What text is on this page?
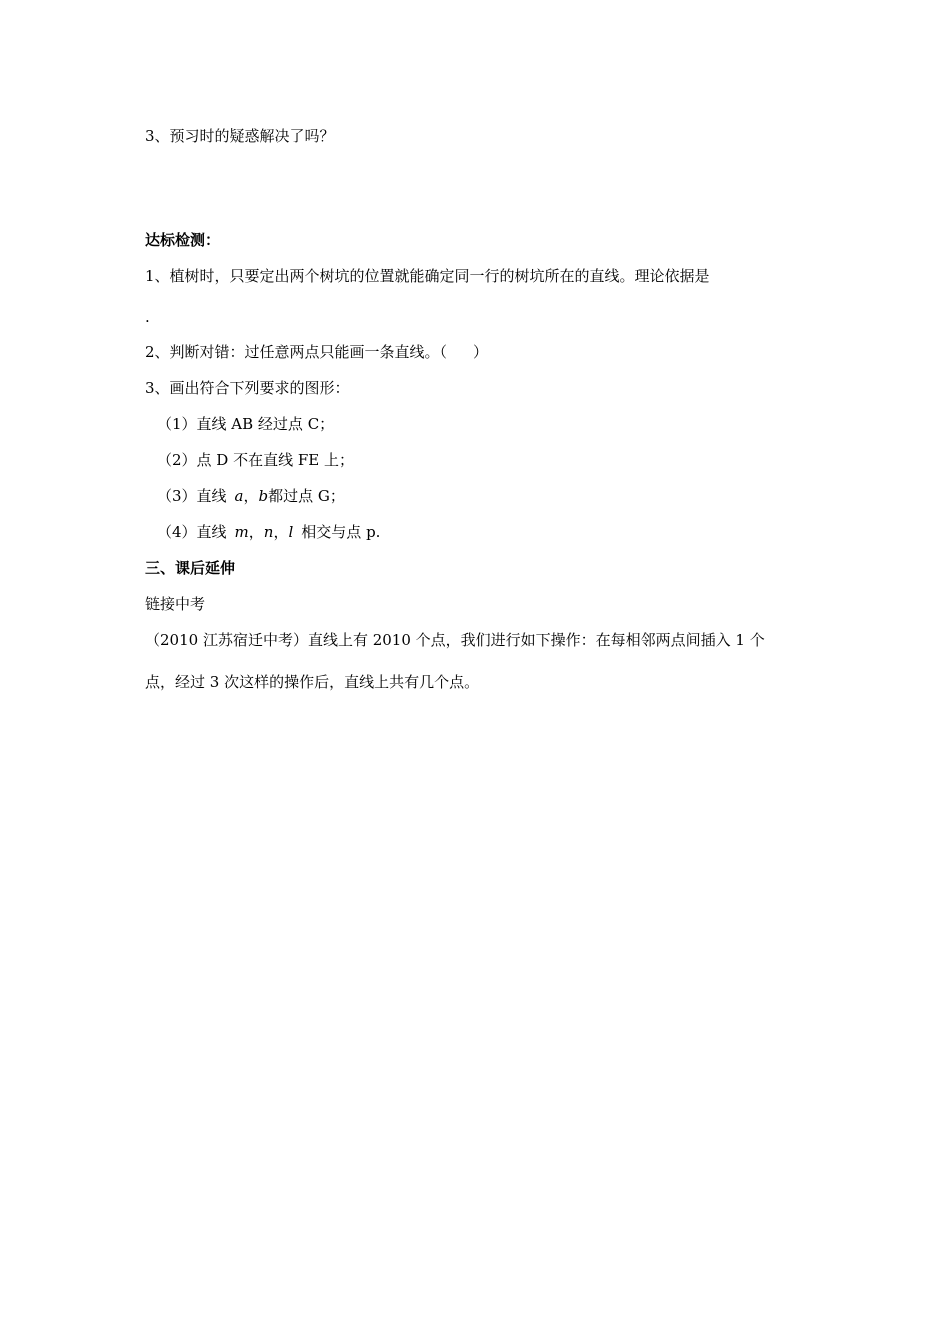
3、预习时的疑惑解决了吗？
达标检测：
1、植树时，只要定出两个树坑的位置就能确定同一行的树坑所在的直线。理论依据是
.
2、判断对错：过任意两点只能画一条直线。（ ）
3、画出符合下列要求的图形：
（1）直线 AB 经过点 C；
（2）点 D 不在直线 FE 上；
（3）直线 a，b都过点 G；
（4）直线 m，n，l 相交与点 p.
三、课后延伸
链接中考
（2010 江苏宿迁中考）直线上有 2010 个点，我们进行如下操作：在每相邻两点间插入 1 个
点，经过 3 次这样的操作后，直线上共有几个点。
